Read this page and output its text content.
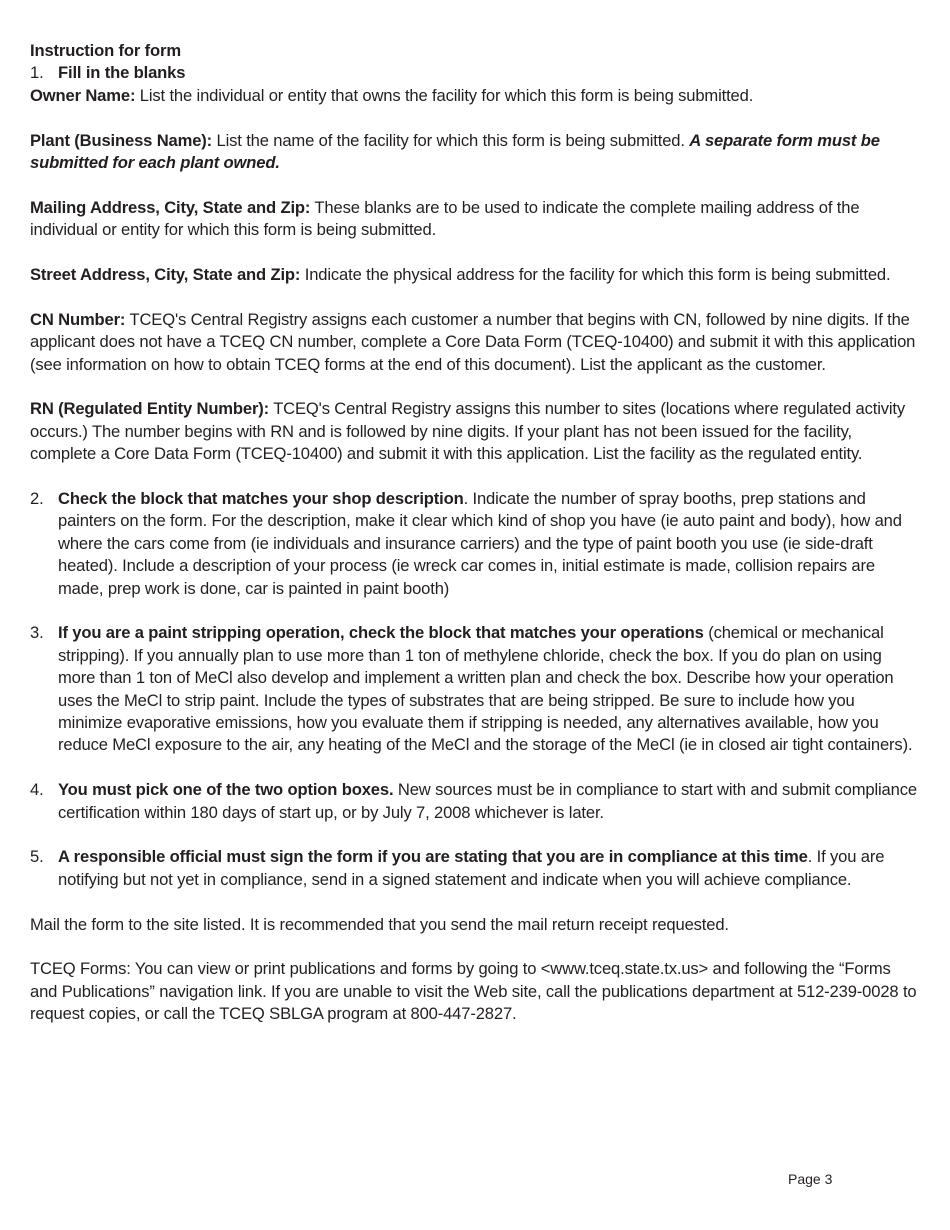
Instruction for form

1. Fill in the blanks

Owner Name: List the individual or entity that owns the facility for which this form is being submitted.

Plant (Business Name): List the name of the facility for which this form is being submitted. A separate form must be submitted for each plant owned.

Mailing Address, City, State and Zip: These blanks are to be used to indicate the complete mailing address of the individual or entity for which this form is being submitted.

Street Address, City, State and Zip: Indicate the physical address for the facility for which this form is being submitted.

CN Number: TCEQ's Central Registry assigns each customer a number that begins with CN, followed by nine digits. If the applicant does not have a TCEQ CN number, complete a Core Data Form (TCEQ-10400) and submit it with this application (see information on how to obtain TCEQ forms at the end of this document). List the applicant as the customer.

RN (Regulated Entity Number): TCEQ's Central Registry assigns this number to sites (locations where regulated activity occurs.) The number begins with RN and is followed by nine digits. If your plant has not been issued for the facility, complete a Core Data Form (TCEQ-10400) and submit it with this application. List the facility as the regulated entity.

2. Check the block that matches your shop description. Indicate the number of spray booths, prep stations and painters on the form. For the description, make it clear which kind of shop you have (ie auto paint and body), how and where the cars come from (ie individuals and insurance carriers) and the type of paint booth you use (ie side-draft heated). Include a description of your process (ie wreck car comes in, initial estimate is made, collision repairs are made, prep work is done, car is painted in paint booth)
3. If you are a paint stripping operation, check the block that matches your operations (chemical or mechanical stripping). If you annually plan to use more than 1 ton of methylene chloride, check the box. If you do plan on using more than 1 ton of MeCl also develop and implement a written plan and check the box. Describe how your operation uses the MeCl to strip paint. Include the types of substrates that are being stripped. Be sure to include how you minimize evaporative emissions, how you evaluate them if stripping is needed, any alternatives available, how you reduce MeCl exposure to the air, any heating of the MeCl and the storage of the MeCl (ie in closed air tight containers).
4. You must pick one of the two option boxes. New sources must be in compliance to start with and submit compliance certification within 180 days of start up, or by July 7, 2008 whichever is later.
5. A responsible official must sign the form if you are stating that you are in compliance at this time. If you are notifying but not yet in compliance, send in a signed statement and indicate when you will achieve compliance.

Mail the form to the site listed. It is recommended that you send the mail return receipt requested.

TCEQ Forms: You can view or print publications and forms by going to <www.tceq.state.tx.us> and following the “Forms and Publications” navigation link. If you are unable to visit the Web site, call the publications department at 512-239-0028 to request copies, or call the TCEQ SBLGA program at 800-447-2827.

Page 3
